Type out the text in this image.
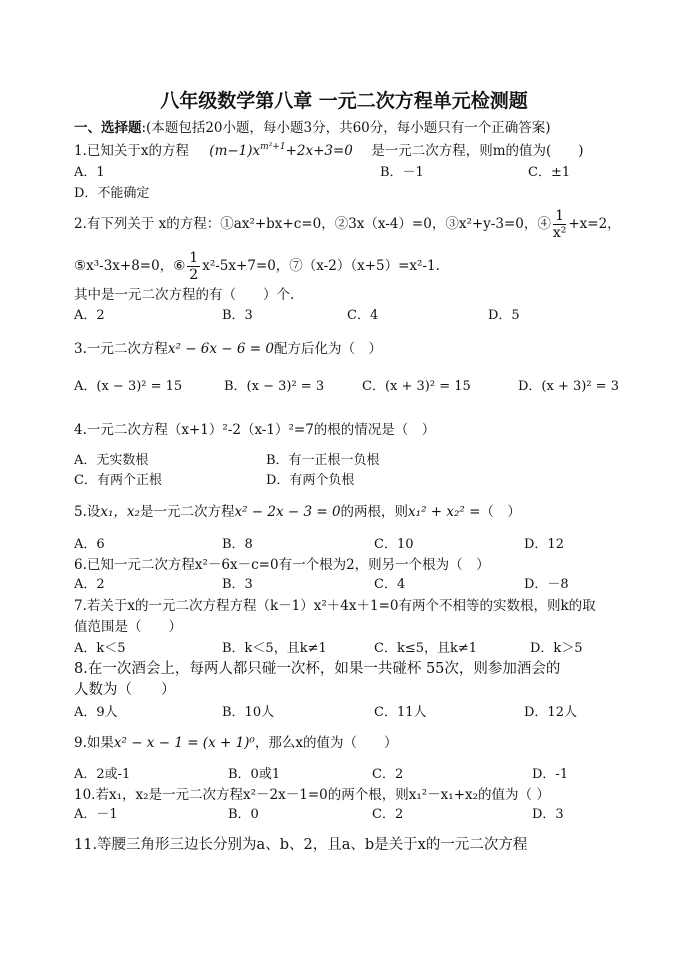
八年级数学第八章 一元二次方程单元检测题
一、选择题:(本题包括20小题，每小题3分，共60分，每小题只有一个正确答案)
1.已知关于x的方程 $(m-1)x^{m^2+1}+2x+3=0$ 是一元二次方程，则m的值为(　　)
A．1	B．－1	C．±1
D．不能确定
2.有下列关于 x的方程：①ax²+bx+c=0，②3x（x-4）=0，③x²+y-3=0，④ $\frac{1}{\text{x²}} +x=2$，
⑤x³-3x+8=0，⑥ $\frac{1}{2} x^2-5x+7=0$，⑦（x-2）（x+5）=x²-1.
其中是一元二次方程的有（　　）个.
A．2	B．3	C．4	D．5
3.一元二次方程x² − 6x − 6 = 0配方后化为（　）
A．(x − 3)² = 15	B．(x − 3)² = 3	C．(x + 3)² = 15	D．(x + 3)² = 3
4.一元二次方程（x+1）²-2（x-1）²=7的根的情况是（　）
A．无实数根	B．有一正根一负根
C．有两个正根	D．有两个负根
5.设x₁，x₂是一元二次方程x² − 2x − 3 = 0的两根，则x₁² + x₂² =（　）
A．6	B．8	C．10	D．12
6.已知一元二次方程x²－6x－c=0有一个根为2，则另一个根为（　）
A．2	B．3	C．4	D．－8
7.若关于x的一元二次方程方程（k－1）x²＋4x＋1=0有两个不相等的实数根，则k的取
值范围是（　　）
A．k＜5	B．k＜5，且k≠1	C．k≤5，且k≠1	D．k＞5
8.在一次酒会上，每两人都只碰一次杯，如果一共碰杯 55次，则参加酒会的
人数为（　　）
A．9人	B．10人	C．11人	D．12人
9.如果x² − x − 1 = (x + 1)⁰，那么x的值为（　　）
A．2或-1	B．0或1	C．2	D．-1
10.若x₁，x₂是一元二次方程x²－2x－1=0的两个根，则x₁²－x₁+x₂的值为（ ）
A．－1	B．0	C．2	D．3
11.等腰三角形三边长分别为a、b、2，且a、b是关于x的一元二次方程
